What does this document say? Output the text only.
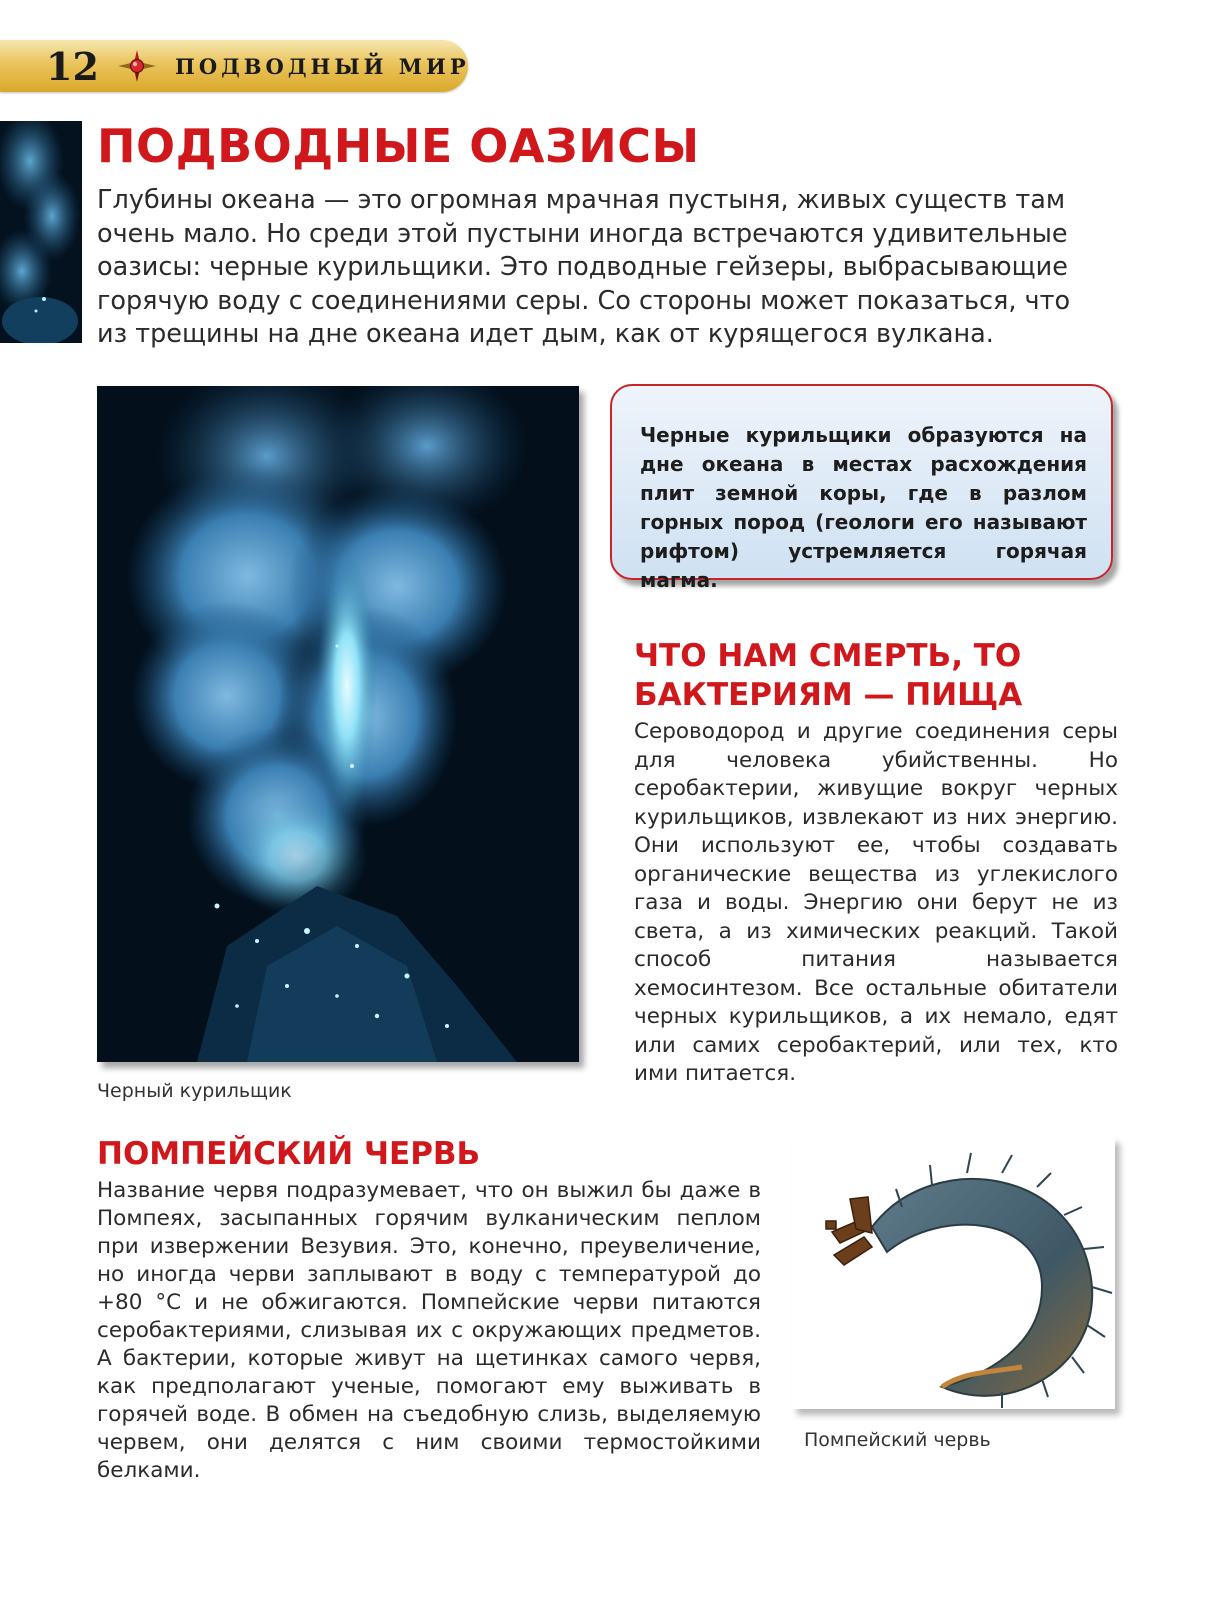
12	ПОДВОДНЫЙ МИР
ПОДВОДНЫЕ ОАЗИСЫ

Глубины океана — это огромная мрачная пустыня, живых существ там очень мало. Но среди этой пустыни иногда встречаются удивительные оазисы: черные курильщики. Это подводные гейзеры, выбрасывающие горячую воду с соединениями серы. Со стороны может показаться, что из трещины на дне океана идет дым, как от курящегося вулкана.

Черный курильщик

Черные курильщики образуются на дне океана в местах расхождения плит земной коры, где в разлом горных пород (геологи его называют рифтом) устремляется горячая магма.

ЧТО НАМ СМЕРТЬ, ТО БАКТЕРИЯМ — ПИЩА

Сероводород и другие соединения серы для человека убийственны. Но серобактерии, живущие вокруг черных курильщиков, извлекают из них энергию. Они используют ее, чтобы создавать органические вещества из углекислого газа и воды. Энергию они берут не из света, а из химических реакций. Такой способ питания называется хемосинтезом. Все остальные обитатели черных курильщиков, а их немало, едят или самих серобактерий, или тех, кто ими питается.

ПОМПЕЙСКИЙ ЧЕРВЬ

Название червя подразумевает, что он выжил бы даже в Помпеях, засыпанных горячим вулканическим пеплом при извержении Везувия. Это, конечно, преувеличение, но иногда черви заплывают в воду с температурой до +80 °С и не обжигаются. Помпейские черви питаются серобактериями, слизывая их с окружающих предметов. А бактерии, которые живут на щетинках самого червя, как предполагают ученые, помогают ему выживать в горячей воде. В обмен на съедобную слизь, выделяемую червем, они делятся с ним своими термостойкими белками.

Помпейский червь
